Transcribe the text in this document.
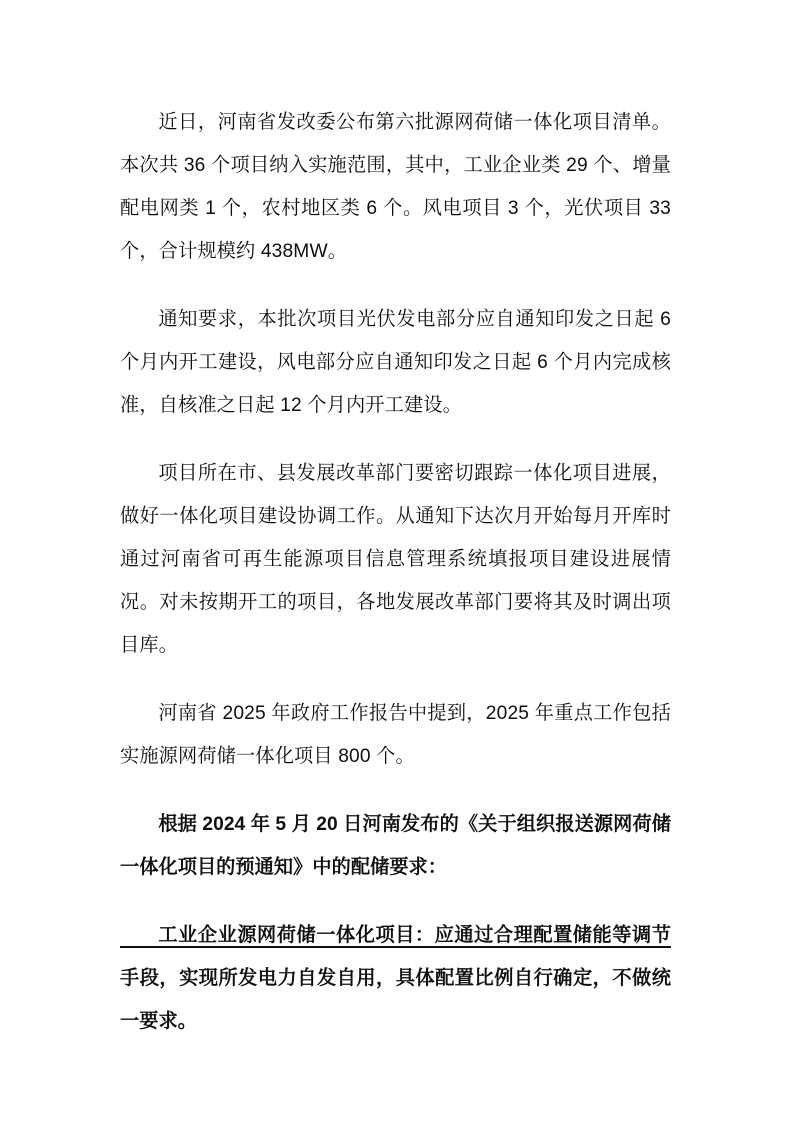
近日，河南省发改委公布第六批源网荷储一体化项目清单。本次共 36 个项目纳入实施范围，其中，工业企业类 29 个、增量配电网类 1 个，农村地区类 6 个。风电项目 3 个，光伏项目 33 个，合计规模约 438MW。

通知要求，本批次项目光伏发电部分应自通知印发之日起 6 个月内开工建设，风电部分应自通知印发之日起 6 个月内完成核准，自核准之日起 12 个月内开工建设。

项目所在市、县发展改革部门要密切跟踪一体化项目进展，做好一体化项目建设协调工作。从通知下达次月开始每月开库时通过河南省可再生能源项目信息管理系统填报项目建设进展情况。对未按期开工的项目，各地发展改革部门要将其及时调出项目库。

河南省 2025 年政府工作报告中提到，2025 年重点工作包括实施源网荷储一体化项目 800 个。

根据 2024 年 5 月 20 日河南发布的《关于组织报送源网荷储一体化项目的预通知》中的配储要求：

工业企业源网荷储一体化项目：应通过合理配置储能等调节手段，实现所发电力自发自用，具体配置比例自行确定，不做统一要求。
